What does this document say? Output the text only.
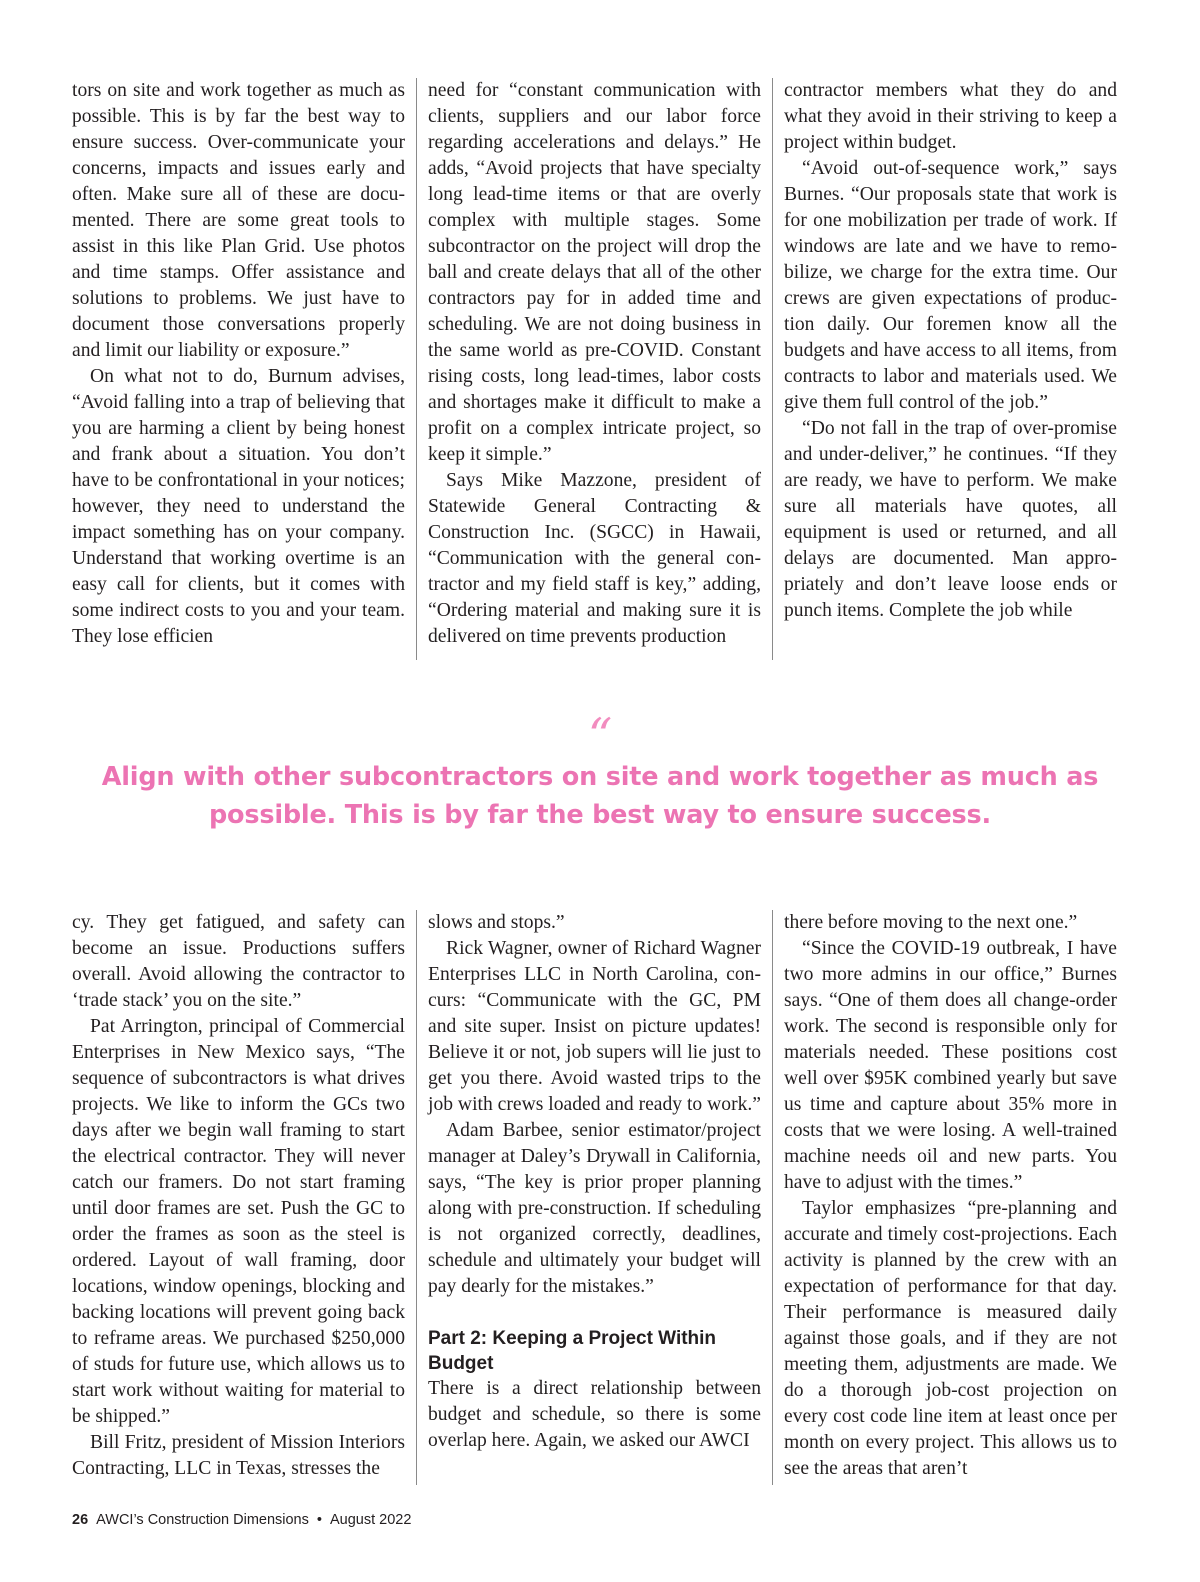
tors on site and work together as much as possible. This is by far the best way to ensure success. Over-communicate your concerns, impacts and issues early and often. Make sure all of these are documented. There are some great tools to assist in this like Plan Grid. Use photos and time stamps. Offer assistance and solutions to problems. We just have to document those conversations properly and limit our liability or exposure.”

On what not to do, Burnum advises, “Avoid falling into a trap of believing that you are harming a client by being honest and frank about a situation. You don’t have to be confrontational in your notices; however, they need to understand the impact something has on your company. Understand that working overtime is an easy call for clients, but it comes with some indirect costs to you and your team. They lose efficien

need for “constant communication with clients, suppliers and our labor force regarding accelerations and delays.” He adds, “Avoid projects that have specialty long lead-time items or that are overly complex with multiple stages. Some subcontractor on the project will drop the ball and create delays that all of the other contractors pay for in added time and scheduling. We are not doing business in the same world as pre-COVID. Constant rising costs, long lead-times, labor costs and shortages make it difficult to make a profit on a complex intricate project, so keep it simple.”

Says Mike Mazzone, president of Statewide General Contracting & Construction Inc. (SGCC) in Hawaii, “Communication with the general contractor and my field staff is key,” adding, “Ordering material and making sure it is delivered on time prevents production

contractor members what they do and what they avoid in their striving to keep a project within budget.

“Avoid out-of-sequence work,” says Burnes. “Our proposals state that work is for one mobilization per trade of work. If windows are late and we have to remobilize, we charge for the extra time. Our crews are given expectations of production daily. Our foremen know all the budgets and have access to all items, from contracts to labor and materials used. We give them full control of the job.”

“Do not fall in the trap of over-promise and under-deliver,” he continues. “If they are ready, we have to perform. We make sure all materials have quotes, all equipment is used or returned, and all delays are documented. Man appropriately and don’t leave loose ends or punch items. Complete the job while

“
Align with other subcontractors on site and work together as much as possible. This is by far the best way to ensure success.

cy. They get fatigued, and safety can become an issue. Productions suffers overall. Avoid allowing the contractor to ‘trade stack’ you on the site.”

Pat Arrington, principal of Commercial Enterprises in New Mexico says, “The sequence of subcontractors is what drives projects. We like to inform the GCs two days after we begin wall framing to start the electrical contractor. They will never catch our framers. Do not start framing until door frames are set. Push the GC to order the frames as soon as the steel is ordered. Layout of wall framing, door locations, window openings, blocking and backing locations will prevent going back to reframe areas. We purchased $250,000 of studs for future use, which allows us to start work without waiting for material to be shipped.”

Bill Fritz, president of Mission Interiors Contracting, LLC in Texas, stresses the

slows and stops.”

Rick Wagner, owner of Richard Wagner Enterprises LLC in North Carolina, concurs: “Communicate with the GC, PM and site super. Insist on picture updates! Believe it or not, job supers will lie just to get you there. Avoid wasted trips to the job with crews loaded and ready to work.”

Adam Barbee, senior estimator/project manager at Daley’s Drywall in California, says, “The key is prior proper planning along with pre-construction. If scheduling is not organized correctly, deadlines, schedule and ultimately your budget will pay dearly for the mistakes.”

Part 2: Keeping a Project Within Budget

There is a direct relationship between budget and schedule, so there is some overlap here. Again, we asked our AWCI

there before moving to the next one.”

“Since the COVID-19 outbreak, I have two more admins in our office,” Burnes says. “One of them does all change-order work. The second is responsible only for materials needed. These positions cost well over $95K combined yearly but save us time and capture about 35% more in costs that we were losing. A well-trained machine needs oil and new parts. You have to adjust with the times.”

Taylor emphasizes “pre-planning and accurate and timely cost-projections. Each activity is planned by the crew with an expectation of performance for that day. Their performance is measured daily against those goals, and if they are not meeting them, adjustments are made. We do a thorough job-cost projection on every cost code line item at least once per month on every project. This allows us to see the areas that aren’t

26 AWCI’s Construction Dimensions • August 2022
